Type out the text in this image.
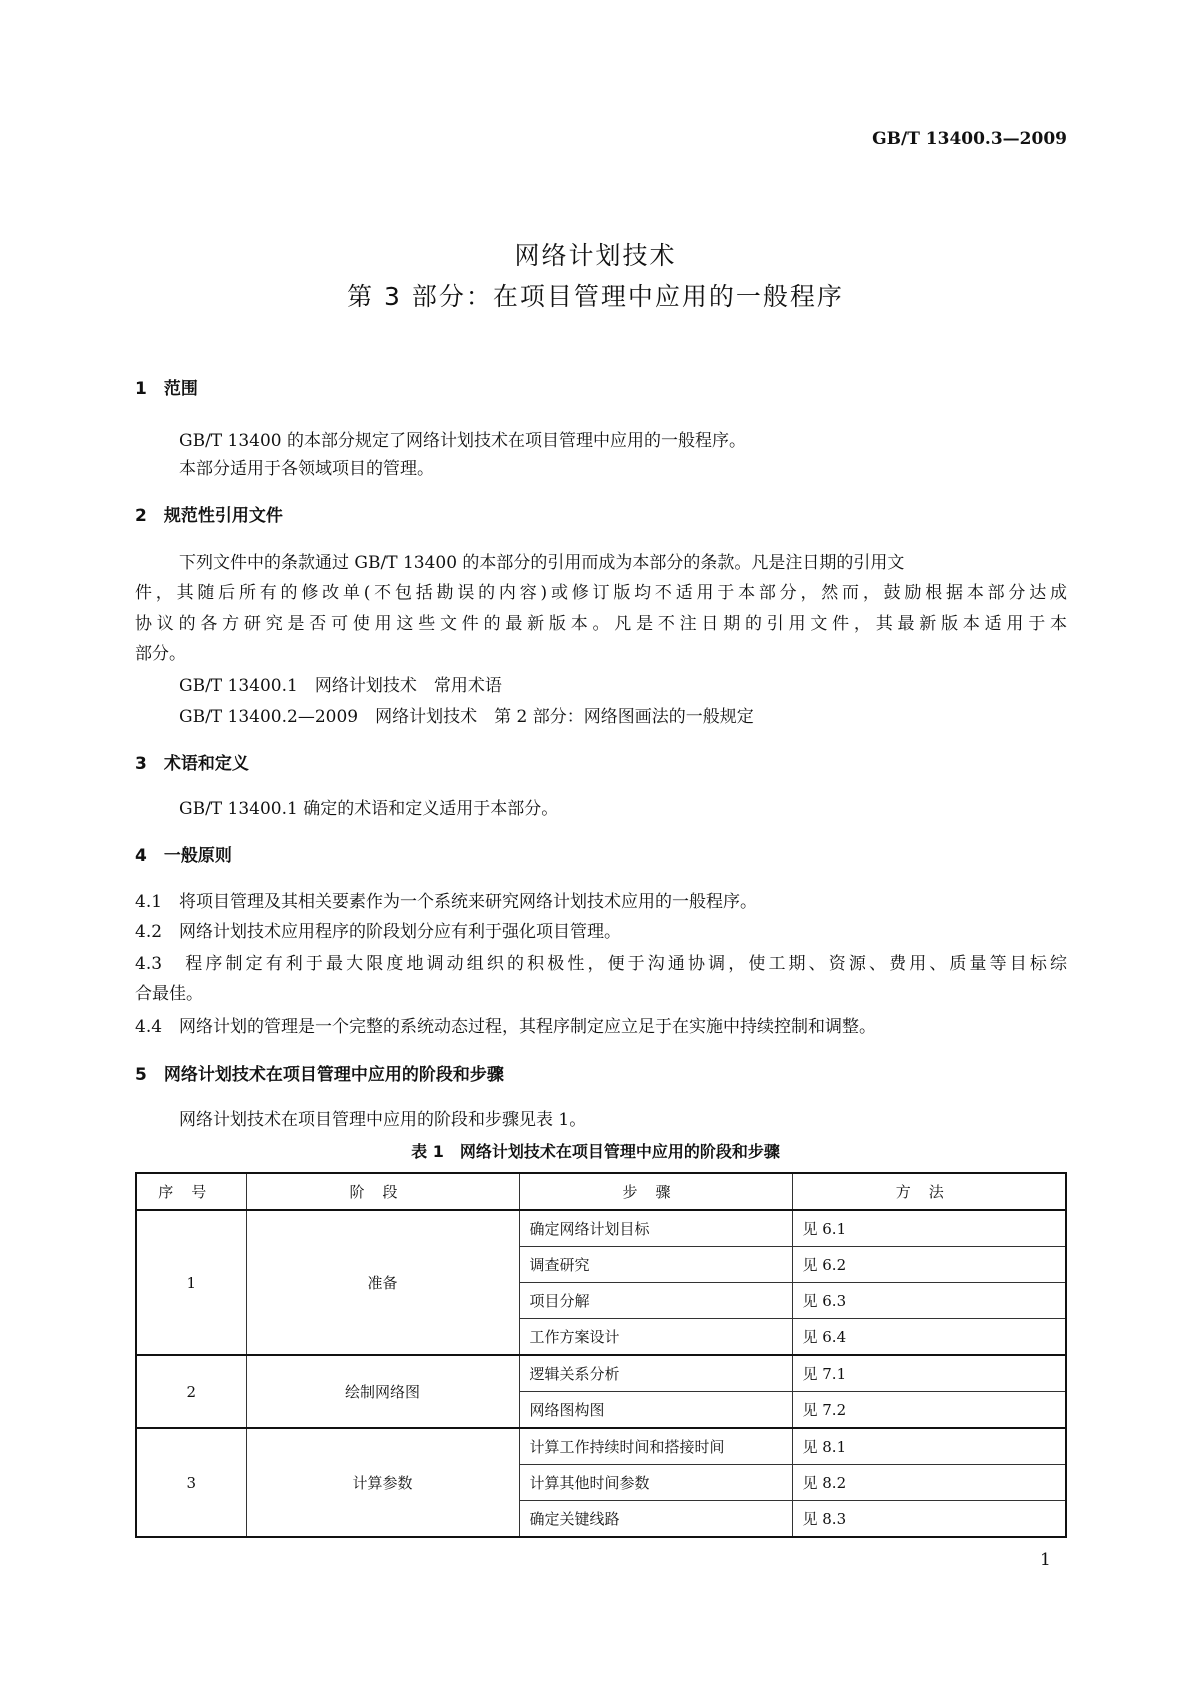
GB/T 13400.3—2009
网络计划技术
第 3 部分：在项目管理中应用的一般程序
1　范围
GB/T 13400 的本部分规定了网络计划技术在项目管理中应用的一般程序。
本部分适用于各领域项目的管理。
2　规范性引用文件
下列文件中的条款通过 GB/T 13400 的本部分的引用而成为本部分的条款。凡是注日期的引用文
件，其随后所有的修改单(不包括勘误的内容)或修订版均不适用于本部分，然而，鼓励根据本部分达成
协议的各方研究是否可使用这些文件的最新版本。凡是不注日期的引用文件，其最新版本适用于本
部分。
GB/T 13400.1　网络计划技术　常用术语
GB/T 13400.2—2009　网络计划技术　第 2 部分：网络图画法的一般规定
3　术语和定义
GB/T 13400.1 确定的术语和定义适用于本部分。
4　一般原则
4.1　将项目管理及其相关要素作为一个系统来研究网络计划技术应用的一般程序。
4.2　网络计划技术应用程序的阶段划分应有利于强化项目管理。
4.3　程序制定有利于最大限度地调动组织的积极性，便于沟通协调，使工期、资源、费用、质量等目标综
合最佳。
4.4　网络计划的管理是一个完整的系统动态过程，其程序制定应立足于在实施中持续控制和调整。
5　网络计划技术在项目管理中应用的阶段和步骤
网络计划技术在项目管理中应用的阶段和步骤见表 1。
表 1　网络计划技术在项目管理中应用的阶段和步骤
序号	阶段	步骤	方法
1	准备	确定网络计划目标	见 6.1
		调查研究	见 6.2
		项目分解	见 6.3
		工作方案设计	见 6.4
2	绘制网络图	逻辑关系分析	见 7.1
		网络图构图	见 7.2
3	计算参数	计算工作持续时间和搭接时间	见 8.1
		计算其他时间参数	见 8.2
		确定关键线路	见 8.3
1
